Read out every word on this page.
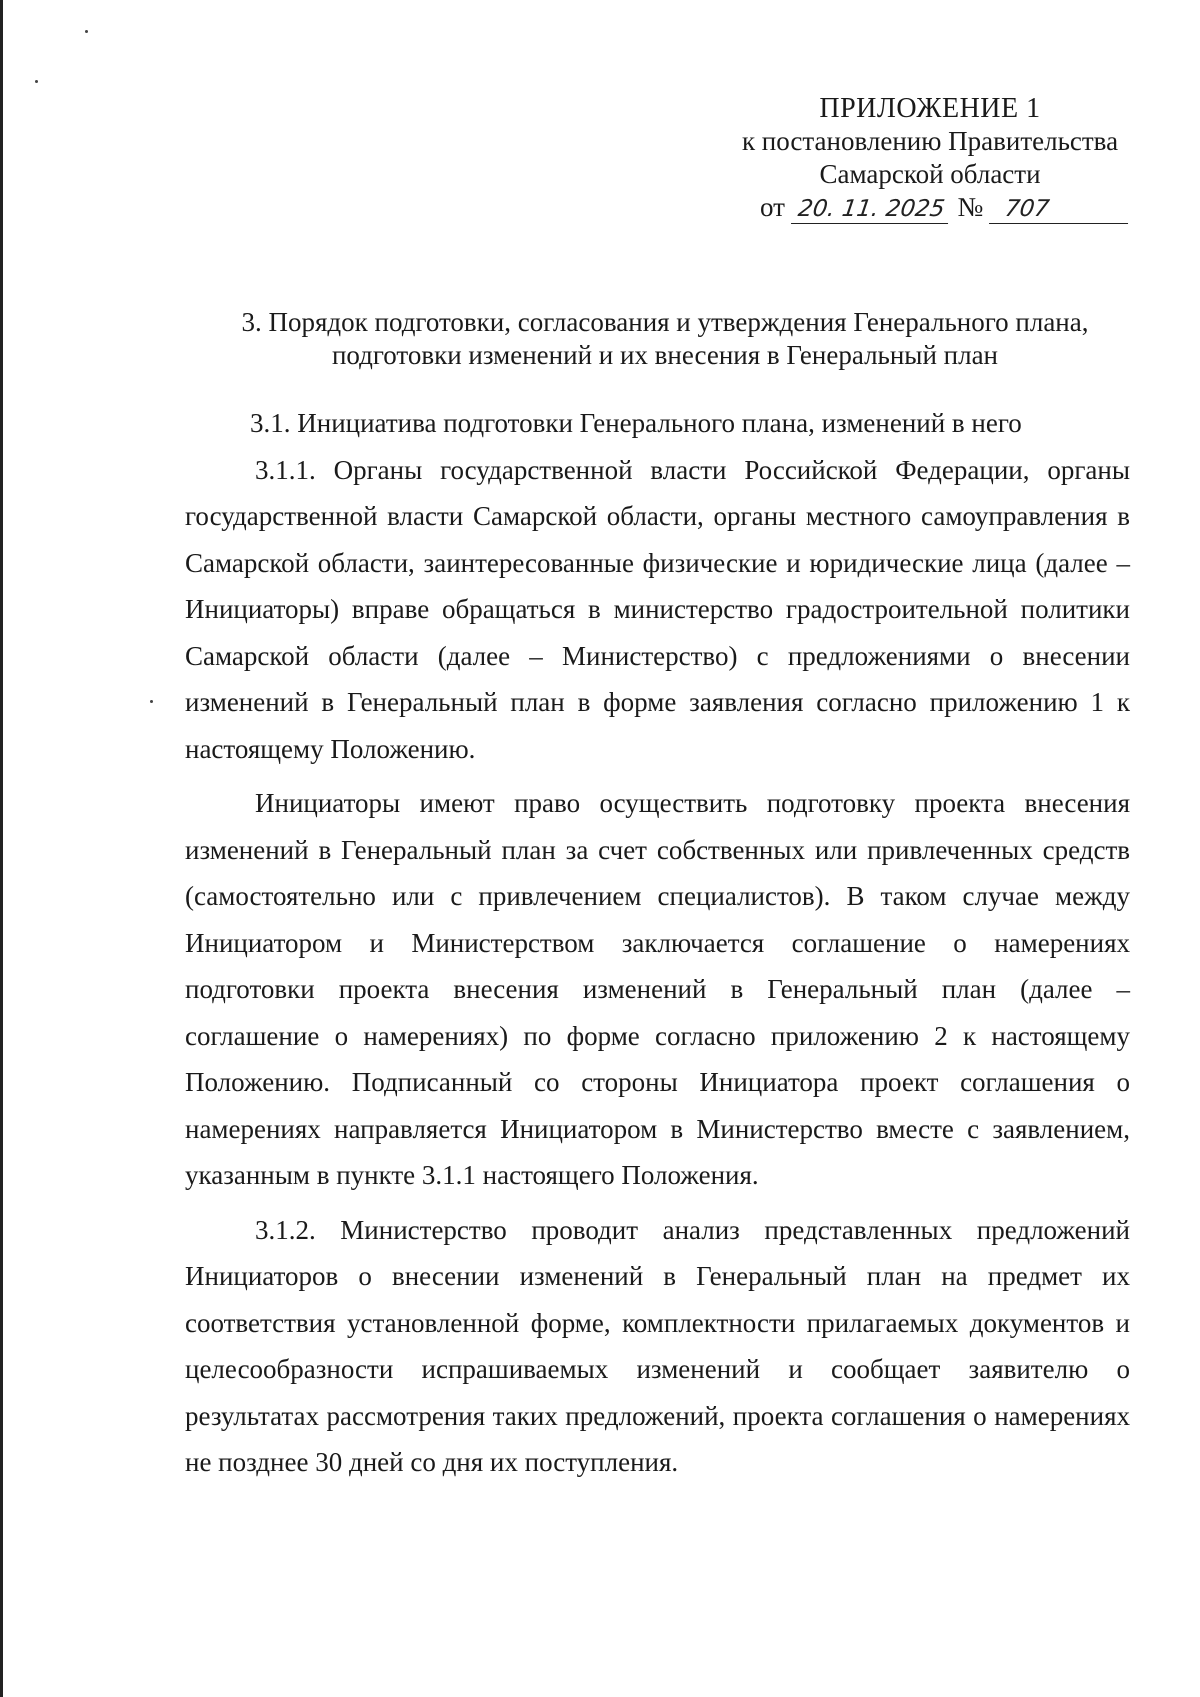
ПРИЛОЖЕНИЕ 1
к постановлению Правительства
Самарской области
от 20. 11. 2025 № 707
3. Порядок подготовки, согласования и утверждения Генерального плана,
подготовки изменений и их внесения в Генеральный план

3.1. Инициатива подготовки Генерального плана, изменений в него

3.1.1. Органы государственной власти Российской Федерации, органы государственной власти Самарской области, органы местного самоуправления в Самарской области, заинтересованные физические и юридические лица (далее – Инициаторы) вправе обращаться в министерство градостроительной политики Самарской области (далее – Министерство) с предложениями о внесении изменений в Генеральный план в форме заявления согласно приложению 1 к настоящему Положению.

Инициаторы имеют право осуществить подготовку проекта внесения изменений в Генеральный план за счет собственных или привлеченных средств (самостоятельно или с привлечением специалистов). В таком случае между Инициатором и Министерством заключается соглашение о намерениях подготовки проекта внесения изменений в Генеральный план (далее – соглашение о намерениях) по форме согласно приложению 2 к настоящему Положению. Подписанный со стороны Инициатора проект соглашения о намерениях направляется Инициатором в Министерство вместе с заявлением, указанным в пункте 3.1.1 настоящего Положения.

3.1.2. Министерство проводит анализ представленных предложений Инициаторов о внесении изменений в Генеральный план на предмет их соответствия установленной форме, комплектности прилагаемых документов и целесообразности испрашиваемых изменений и сообщает заявителю о результатах рассмотрения таких предложений, проекта соглашения о намерениях не позднее 30 дней со дня их поступления.
